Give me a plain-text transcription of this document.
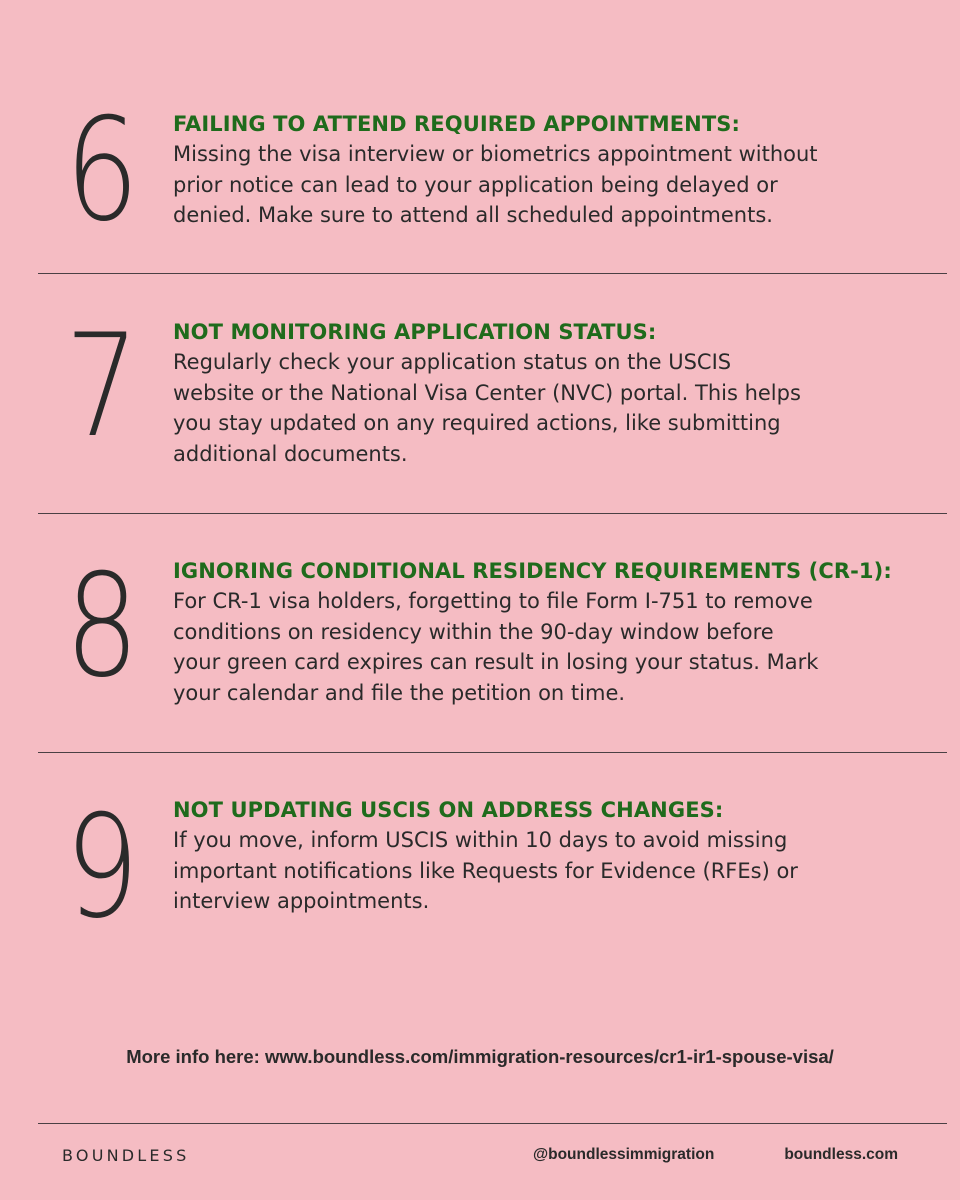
6 FAILING TO ATTEND REQUIRED APPOINTMENTS:
Missing the visa interview or biometrics appointment without
prior notice can lead to your application being delayed or
denied. Make sure to attend all scheduled appointments.
7 NOT MONITORING APPLICATION STATUS:
Regularly check your application status on the USCIS
website or the National Visa Center (NVC) portal. This helps
you stay updated on any required actions, like submitting
additional documents.
8 IGNORING CONDITIONAL RESIDENCY REQUIREMENTS (CR-1):
For CR-1 visa holders, forgetting to file Form I-751 to remove
conditions on residency within the 90-day window before
your green card expires can result in losing your status. Mark
your calendar and file the petition on time.
9 NOT UPDATING USCIS ON ADDRESS CHANGES:
If you move, inform USCIS within 10 days to avoid missing
important notifications like Requests for Evidence (RFEs) or
interview appointments.
More info here: www.boundless.com/immigration-resources/cr1-ir1-spouse-visa/
BOUNDLESS	@boundlessimmigration	boundless.com
